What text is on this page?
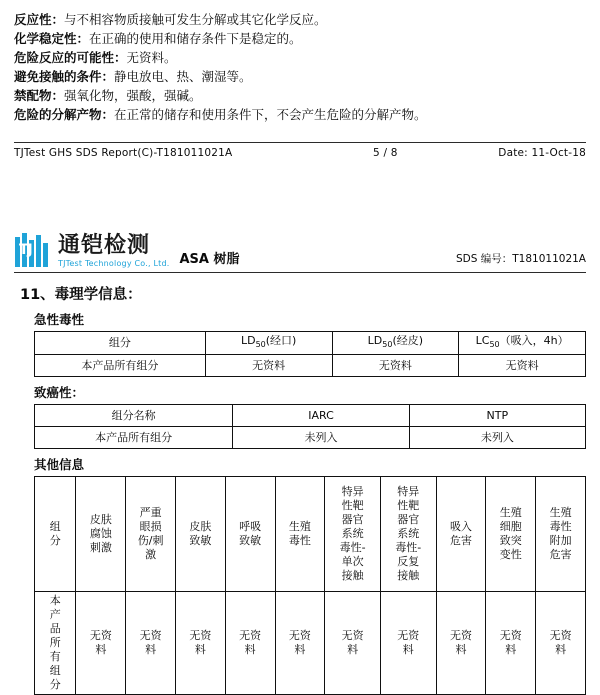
反应性：与不相容物质接触可发生分解或其它化学反应。
化学稳定性：在正确的使用和储存条件下是稳定的。
危险反应的可能性：无资料。
避免接触的条件：静电放电、热、潮湿等。
禁配物：强氧化物，强酸，强碱。
危险的分解产物：在正常的储存和使用条件下，不会产生危险的分解产物。
TJTest GHS SDS Report(C)-T181011021A	5 / 8	Date: 11-Oct-18
TJ 通铠检测
TJTest Technology Co., Ltd. ASA 树脂	SDS 编号：T181011021A
11、毒理学信息：
急性毒性
组分	$LD_{50}$(经口)	$LD_{50}$(经皮)	$LC_{50}$（吸入，4h）
本产品所有组分	无资料	无资料	无资料
致癌性：
组分名称	IARC	NTP
本产品所有组分	未列入	未列入
其他信息
组分	皮肤腐蚀刺激	严重眼损伤/刺激	皮肤致敏	呼吸致敏	生殖毒性	特异性靶器官系统毒性-单次接触	特异性靶器官系统毒性-反复接触	吸入危害	生殖细胞致突变性	生殖毒性附加危害
本产品所有组分	无资料	无资料	无资料	无资料	无资料	无资料	无资料	无资料	无资料	无资料
